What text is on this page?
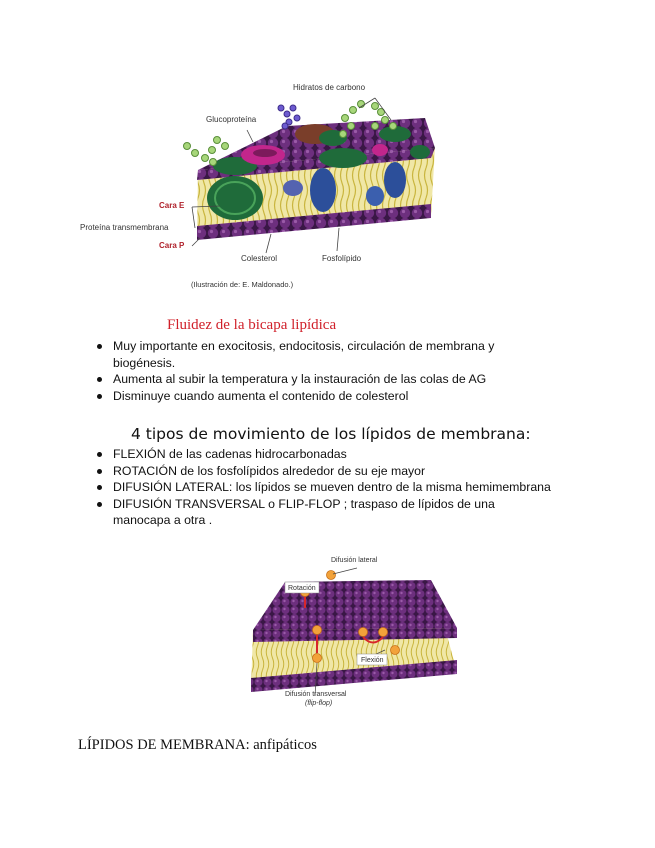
Hidratos de carbono
Glucoproteína
Cara E
Proteína transmembrana
Cara P
Colesterol	Fosfolípido
(Ilustración de: E. Maldonado.)
Fluidez de la bicapa lipídica
Muy importante en exocitosis, endocitosis, circulación de membrana y biogénesis.
Aumenta al subir la temperatura y la instauración de las colas de AG
Disminuye cuando aumenta el contenido de colesterol
4 tipos de movimiento de los lípidos de membrana:
FLEXIÓN de las cadenas hidrocarbonadas
ROTACIÓN de los fosfolípidos alrededor de su eje mayor
DIFUSIÓN LATERAL: los lípidos se mueven dentro de la misma hemimembrana
DIFUSIÓN TRANSVERSAL o FLIP-FLOP ; traspaso de lípidos de una manocapa a otra .
Difusión lateral
Rotación
Flexión
Difusión transversal
(flip-flop)
LÍPIDOS DE MEMBRANA: anfipáticos
